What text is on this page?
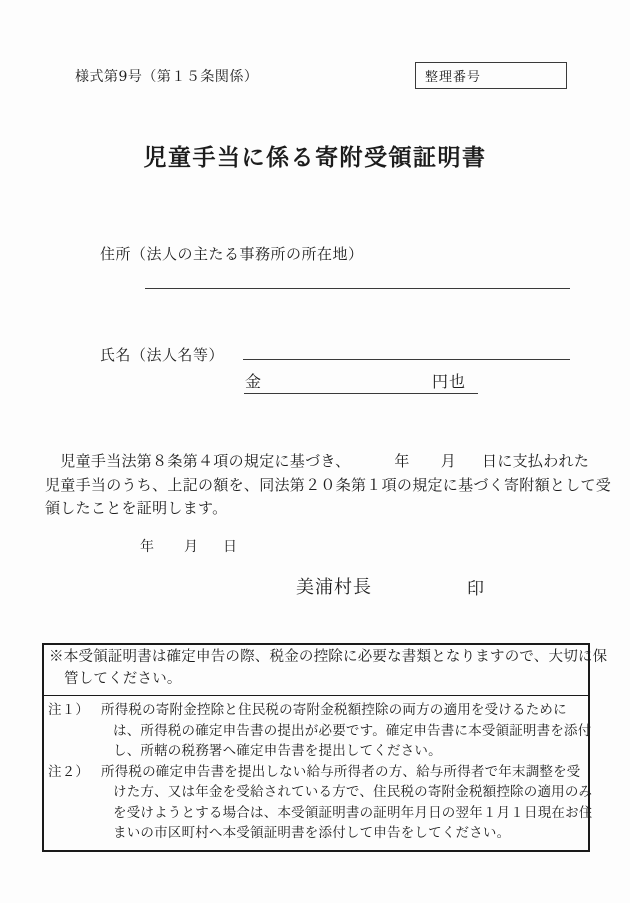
様式第9号（第１５条関係）	整理番号
児童手当に係る寄附受領証明書
住所（法人の主たる事務所の所在地）
氏名（法人名等）
金	円也
　児童手当法第８条第４項の規定に基づき、	年 月 日に支払われた
児童手当のうち、上記の額を、同法第２０条第１項の規定に基づく寄附額として受
領したことを証明します。
年 月 日
美浦村長	印
※本受領証明書は確定申告の際、税金の控除に必要な書類となりますので、大切に保
管してください。
注１） 所得税の寄附金控除と住民税の寄附金税額控除の両方の適用を受けるために
は、所得税の確定申告書の提出が必要です。確定申告書に本受領証明書を添付
し、所轄の税務署へ確定申告書を提出してください。
注２） 所得税の確定申告書を提出しない給与所得者の方、給与所得者で年末調整を受
けた方、又は年金を受給されている方で、住民税の寄附金税額控除の適用のみ
を受けようとする場合は、本受領証明書の証明年月日の翌年１月１日現在お住
まいの市区町村へ本受領証明書を添付して申告をしてください。
